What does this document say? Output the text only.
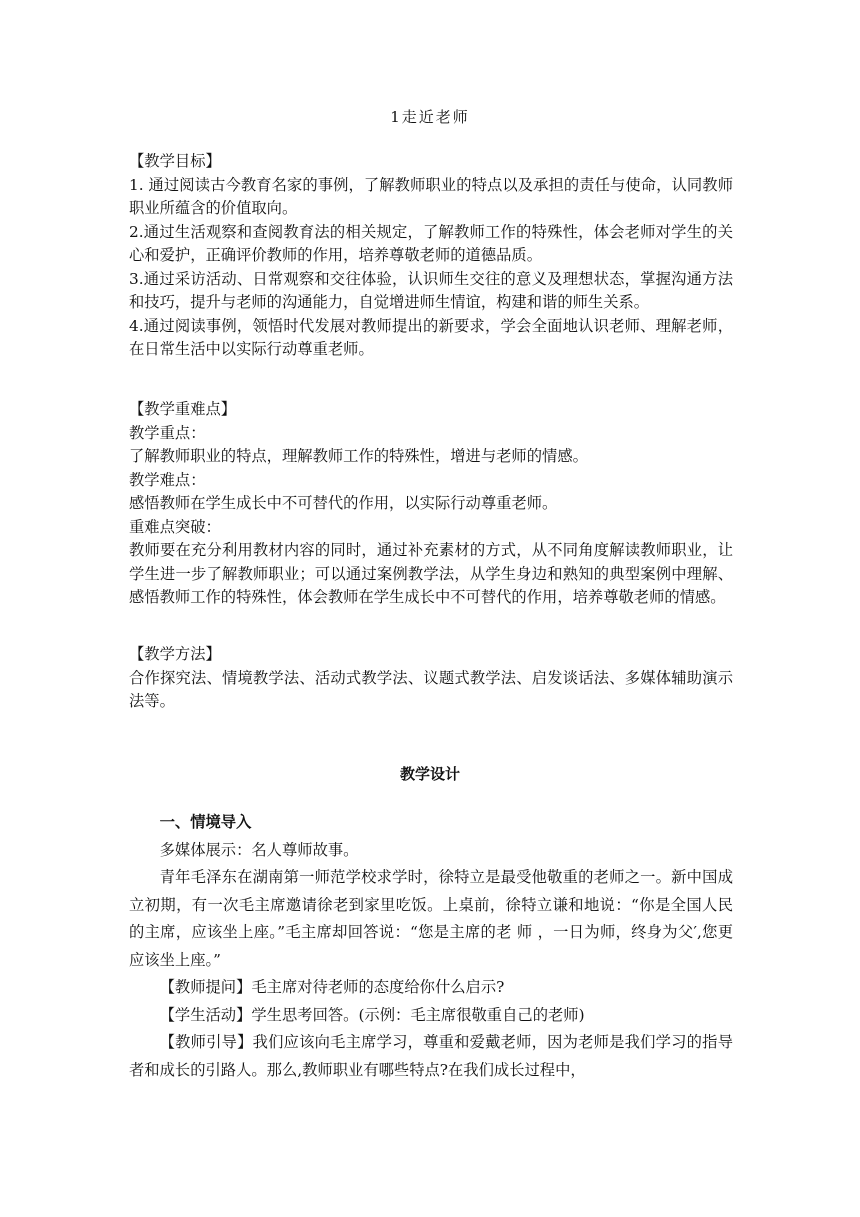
1走近老师

【教学目标】

1. 通过阅读古今教育名家的事例，了解教师职业的特点以及承担的责任与使命，认同教师职业所蕴含的价值取向。

2.通过生活观察和查阅教育法的相关规定，了解教师工作的特殊性，体会老师对学生的关心和爱护，正确评价教师的作用，培养尊敬老师的道德品质。

3.通过采访活动、日常观察和交往体验，认识师生交往的意义及理想状态，掌握沟通方法和技巧，提升与老师的沟通能力，自觉增进师生情谊，构建和谐的师生关系。

4.通过阅读事例，领悟时代发展对教师提出的新要求，学会全面地认识老师、理解老师，在日常生活中以实际行动尊重老师。

【教学重难点】

教学重点：

了解教师职业的特点，理解教师工作的特殊性，增进与老师的情感。

教学难点：

感悟教师在学生成长中不可替代的作用，以实际行动尊重老师。

重难点突破：

教师要在充分利用教材内容的同时，通过补充素材的方式，从不同角度解读教师职业，让学生进一步了解教师职业；可以通过案例教学法，从学生身边和熟知的典型案例中理解、感悟教师工作的特殊性，体会教师在学生成长中不可替代的作用，培养尊敬老师的情感。

【教学方法】

合作探究法、情境教学法、活动式教学法、议题式教学法、启发谈话法、多媒体辅助演示法等。

教学设计

一、情境导入

多媒体展示：名人尊师故事。

青年毛泽东在湖南第一师范学校求学时，徐特立是最受他敬重的老师之一。新中国成立初期，有一次毛主席邀请徐老到家里吃饭。上桌前，徐特立谦和地说：“你是全国人民的主席，应该坐上座。”毛主席却回答说：“您是主席的老 师 ，一日为师，终身为父′,您更应该坐上座。”

【教师提问】毛主席对待老师的态度给你什么启示?

【学生活动】学生思考回答。(示例：毛主席很敬重自己的老师)

【教师引导】我们应该向毛主席学习，尊重和爱戴老师，因为老师是我们学习的指导者和成长的引路人。那么,教师职业有哪些特点?在我们成长过程中，
